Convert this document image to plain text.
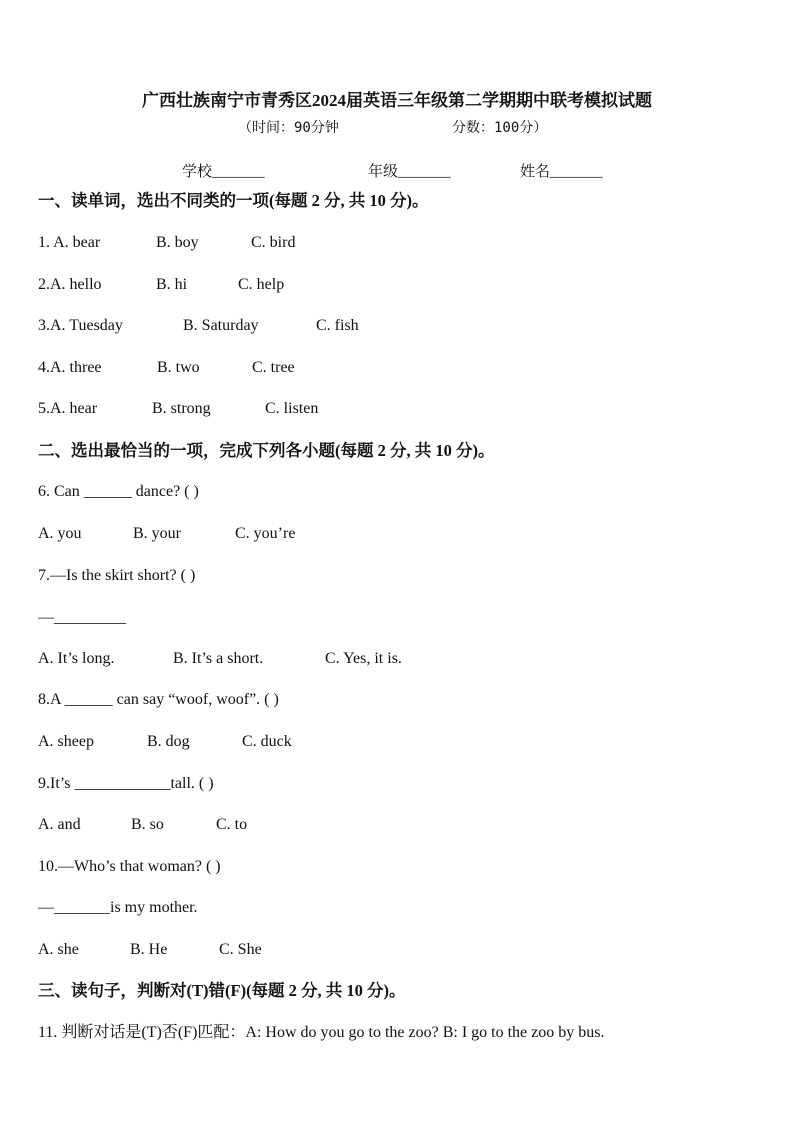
广西壮族南宁市青秀区2024届英语三年级第二学期期中联考模拟试题
（时间：90分钟	分数：100分）
学校_______	年级_______	姓名_______
一、读单词，选出不同类的一项(每题 2 分, 共 10 分)。
1. A. bear	B. boy	C. bird
2.A. hello	B. hi	C. help
3.A. Tuesday	B. Saturday	C. fish
4.A. three	B. two	C. tree
5.A. hear	B. strong	C. listen
二、选出最恰当的一项，完成下列各小题(每题 2 分, 共 10 分)。
6. Can ______ dance? ( )
A. you	B. your	C. you’re
7.—Is the skirt short? ( )
—_________
A. It’s long.	B. It’s a short.	C. Yes, it is.
8.A ______ can say “woof, woof”. ( )
A. sheep	B. dog	C. duck
9.It’s ____________tall. ( )
A. and	B. so	C. to
10.—Who’s that woman? ( )
—_______is my mother.
A. she	B. He	C. She
三、读句子，判断对(T)错(F)(每题 2 分, 共 10 分)。
11. 判断对话是(T)否(F)匹配：A: How do you go to the zoo? B: I go to the zoo by bus.
